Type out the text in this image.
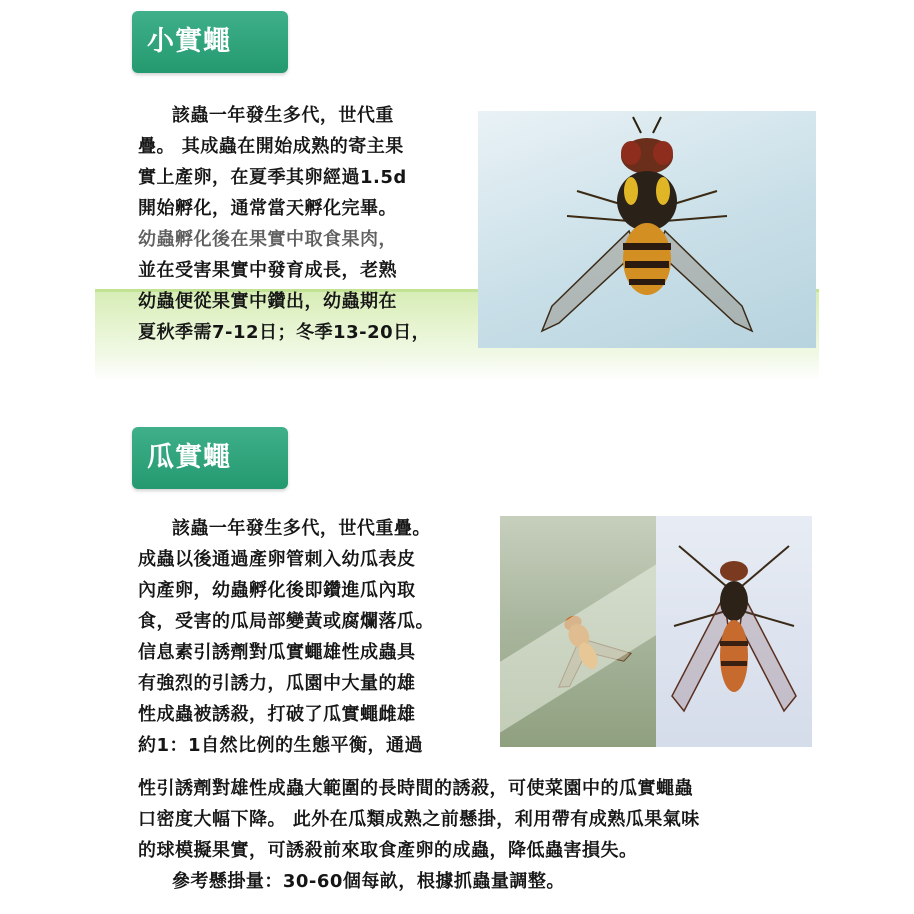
小實蠅
該蟲一年發生多代，世代重
疊。 其成蟲在開始成熟的寄主果
實上產卵，在夏季其卵經過1.5d
開始孵化，通常當天孵化完畢。
幼蟲孵化後在果實中取食果肉，
並在受害果實中發育成長，老熟
幼蟲便從果實中鑽出，幼蟲期在
夏秋季需7-12日；冬季13-20日，
瓜實蠅
該蟲一年發生多代，世代重疊。
成蟲以後通過產卵管刺入幼瓜表皮
內產卵，幼蟲孵化後即鑽進瓜內取
食，受害的瓜局部變黃或腐爛落瓜。
信息素引誘劑對瓜實蠅雄性成蟲具
有強烈的引誘力，瓜園中大量的雄
性成蟲被誘殺，打破了瓜實蠅雌雄
約1：1自然比例的生態平衡，通過
性引誘劑對雄性成蟲大範圍的長時間的誘殺，可使菜園中的瓜實蠅蟲
口密度大幅下降。 此外在瓜類成熟之前懸掛，利用帶有成熟瓜果氣味
的球模擬果實，可誘殺前來取食產卵的成蟲，降低蟲害損失。
參考懸掛量：30-60個每畝，根據抓蟲量調整。
